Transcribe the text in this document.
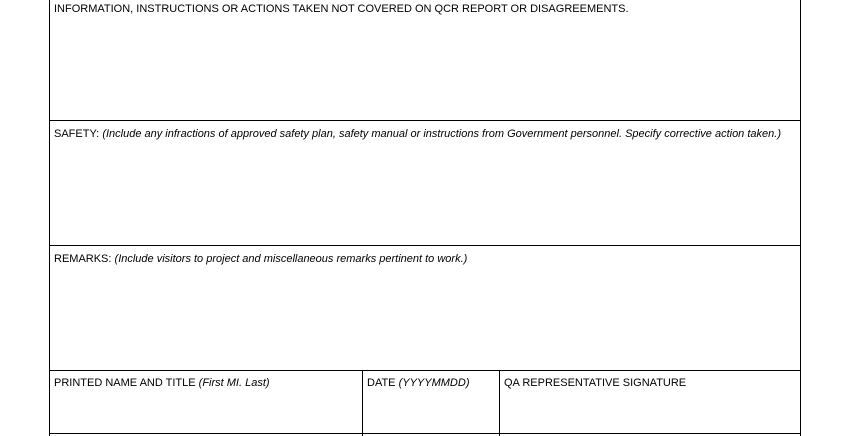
INFORMATION, INSTRUCTIONS OR ACTIONS TAKEN NOT COVERED ON QCR REPORT OR DISAGREEMENTS.
SAFETY: (Include any infractions of approved safety plan, safety manual or instructions from Government personnel. Specify corrective action taken.)
REMARKS: (Include visitors to project and miscellaneous remarks pertinent to work.)
PRINTED NAME AND TITLE (First MI. Last)	DATE (YYYYMMDD)	QA REPRESENTATIVE SIGNATURE
